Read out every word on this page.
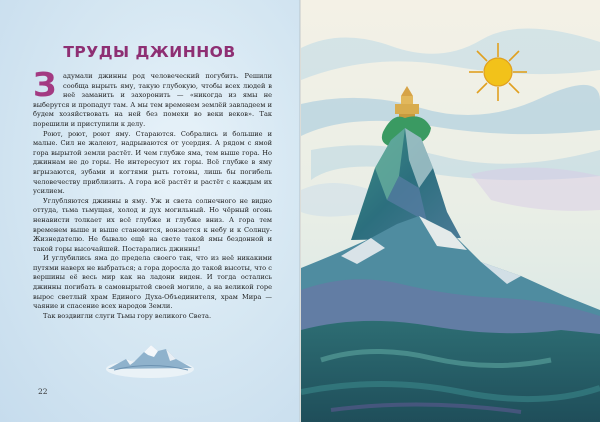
ТРУДЫ ДЖИННОВ
З адумали джинны род человеческий погубить. Решили сообща вырыть яму, такую глубокую, чтобы всех людей в неё заманить и захоронить — «никогда из ямы не выберутся и пропадут там. А мы тем временем землёй завладеем и будем хозяйствовать на ней без помехи во веки веков». Так порешили и приступили к делу.

Роют, роют, роют яму. Стараются. Собрались и большие и малые. Сил не жалеют, надрываются от усердия. А рядом с ямой гора вырытой земли растёт. И чем глубже яма, тем выше гора. Но джиннам не до горы. Не интересуют их горы. Всё глубже в яму вгрызаются, зубами и когтями рыть готовы, лишь бы погибель человечеству приблизить. А гора всё растёт и растёт с каждым их усилием.

Углубляются джинны в яму. Уж и света солнечного не видно оттуда, тьма тьмущая, холод и дух могильный. Но чёрный огонь ненависти толкает их всё глубже и глубже вниз. А гора тем временем выше и выше становится, вонзается к небу и к Солнцу-Жизнедателю. Не бывало ещё на свете такой ямы бездонной и такой горы высочайшей. Постарались джинны!

И углубились яма до предела своего так, что из неё никакими путями наверх не выбраться; а гора доросла до такой высоты, что с вершины её весь мир как на ладони виден. И тогда остались джинны погибать в самовырытой своей могиле, а на великой горе вырос светлый храм Единого Духа-Объединителя, храм Мира — чаяние и спасение всех народов Земли.

Так воздвигли слуги Тьмы гору великого Света.

22
